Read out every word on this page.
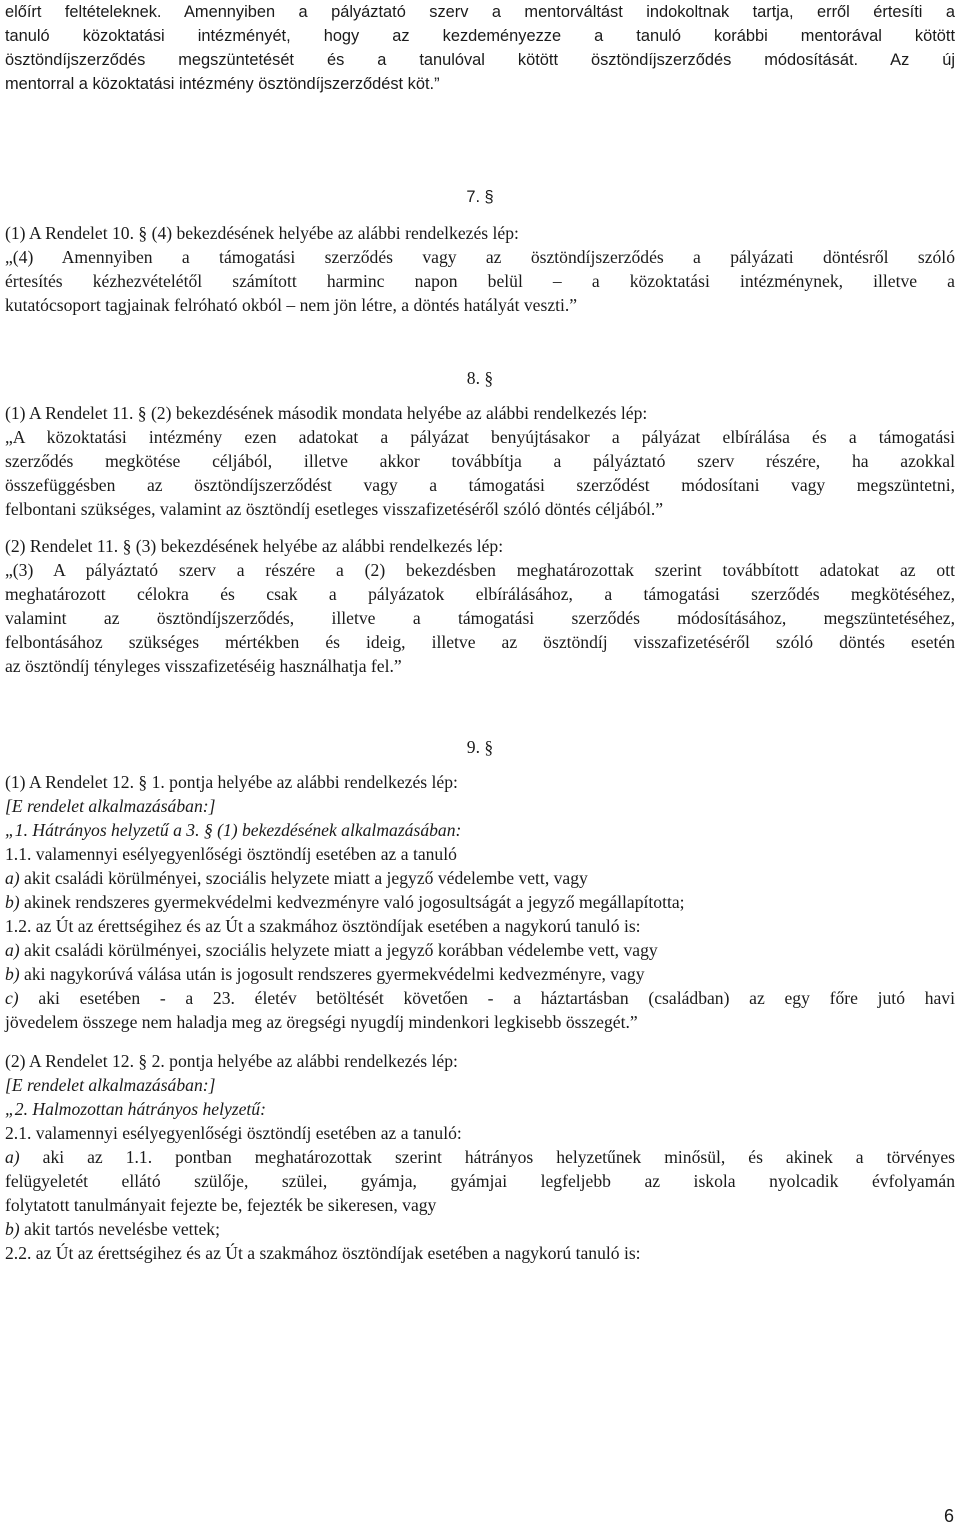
előírt feltételeknek. Amennyiben a pályáztató szerv a mentorváltást indokoltnak tartja, erről értesíti a
tanuló közoktatási intézményét, hogy az kezdeményezze a tanuló korábbi mentorával kötött
ösztöndíjszerződés megszüntetését és a tanulóval kötött ösztöndíjszerződés módosítását. Az új
mentorral a közoktatási intézmény ösztöndíjszerződést köt.”
7. §
(1) A Rendelet 10. § (4) bekezdésének helyébe az alábbi rendelkezés lép:
„(4) Amennyiben a támogatási szerződés vagy az ösztöndíjszerződés a pályázati döntésről szóló
értesítés kézhezvételétől számított harminc napon belül – a közoktatási intézménynek, illetve a
kutatócsoport tagjainak felróható okból – nem jön létre, a döntés hatályát veszti.”
8. §
(1) A Rendelet 11. § (2) bekezdésének második mondata helyébe az alábbi rendelkezés lép:
„A közoktatási intézmény ezen adatokat a pályázat benyújtásakor a pályázat elbírálása és a támogatási
szerződés megkötése céljából, illetve akkor továbbítja a pályáztató szerv részére, ha azokkal
összefüggésben az ösztöndíjszerződést vagy a támogatási szerződést módosítani vagy megszüntetni,
felbontani szükséges, valamint az ösztöndíj esetleges visszafizetéséről szóló döntés céljából.”
(2) Rendelet 11. § (3) bekezdésének helyébe az alábbi rendelkezés lép:
„(3) A pályáztató szerv a részére a (2) bekezdésben meghatározottak szerint továbbított adatokat az ott
meghatározott célokra és csak a pályázatok elbírálásához, a támogatási szerződés megkötéséhez,
valamint az ösztöndíjszerződés, illetve a támogatási szerződés módosításához, megszüntetéséhez,
felbontásához szükséges mértékben és ideig, illetve az ösztöndíj visszafizetéséről szóló döntés esetén
az ösztöndíj tényleges visszafizetéséig használhatja fel.”
9. §
(1) A Rendelet 12. § 1. pontja helyébe az alábbi rendelkezés lép:
[E rendelet alkalmazásában:]
„1. Hátrányos helyzetű a 3. § (1) bekezdésének alkalmazásában:
1.1. valamennyi esélyegyenlőségi ösztöndíj esetében az a tanuló
a) akit családi körülményei, szociális helyzete miatt a jegyző védelembe vett, vagy
b) akinek rendszeres gyermekvédelmi kedvezményre való jogosultságát a jegyző megállapította;
1.2. az Út az érettségihez és az Út a szakmához ösztöndíjak esetében a nagykorú tanuló is:
a) akit családi körülményei, szociális helyzete miatt a jegyző korábban védelembe vett, vagy
b) aki nagykorúvá válása után is jogosult rendszeres gyermekvédelmi kedvezményre, vagy
c) aki esetében - a 23. életév betöltését követően - a háztartásban (családban) az egy főre jutó havi
jövedelem összege nem haladja meg az öregségi nyugdíj mindenkori legkisebb összegét.”
(2) A Rendelet 12. § 2. pontja helyébe az alábbi rendelkezés lép:
[E rendelet alkalmazásában:]
„2. Halmozottan hátrányos helyzetű:
2.1. valamennyi esélyegyenlőségi ösztöndíj esetében az a tanuló:
a) aki az 1.1. pontban meghatározottak szerint hátrányos helyzetűnek minősül, és akinek a törvényes
felügyeletét ellátó szülője, szülei, gyámja, gyámjai legfeljebb az iskola nyolcadik évfolyamán
folytatott tanulmányait fejezte be, fejezték be sikeresen, vagy
b) akit tartós nevelésbe vettek;
2.2. az Út az érettségihez és az Út a szakmához ösztöndíjak esetében a nagykorú tanuló is:
6
